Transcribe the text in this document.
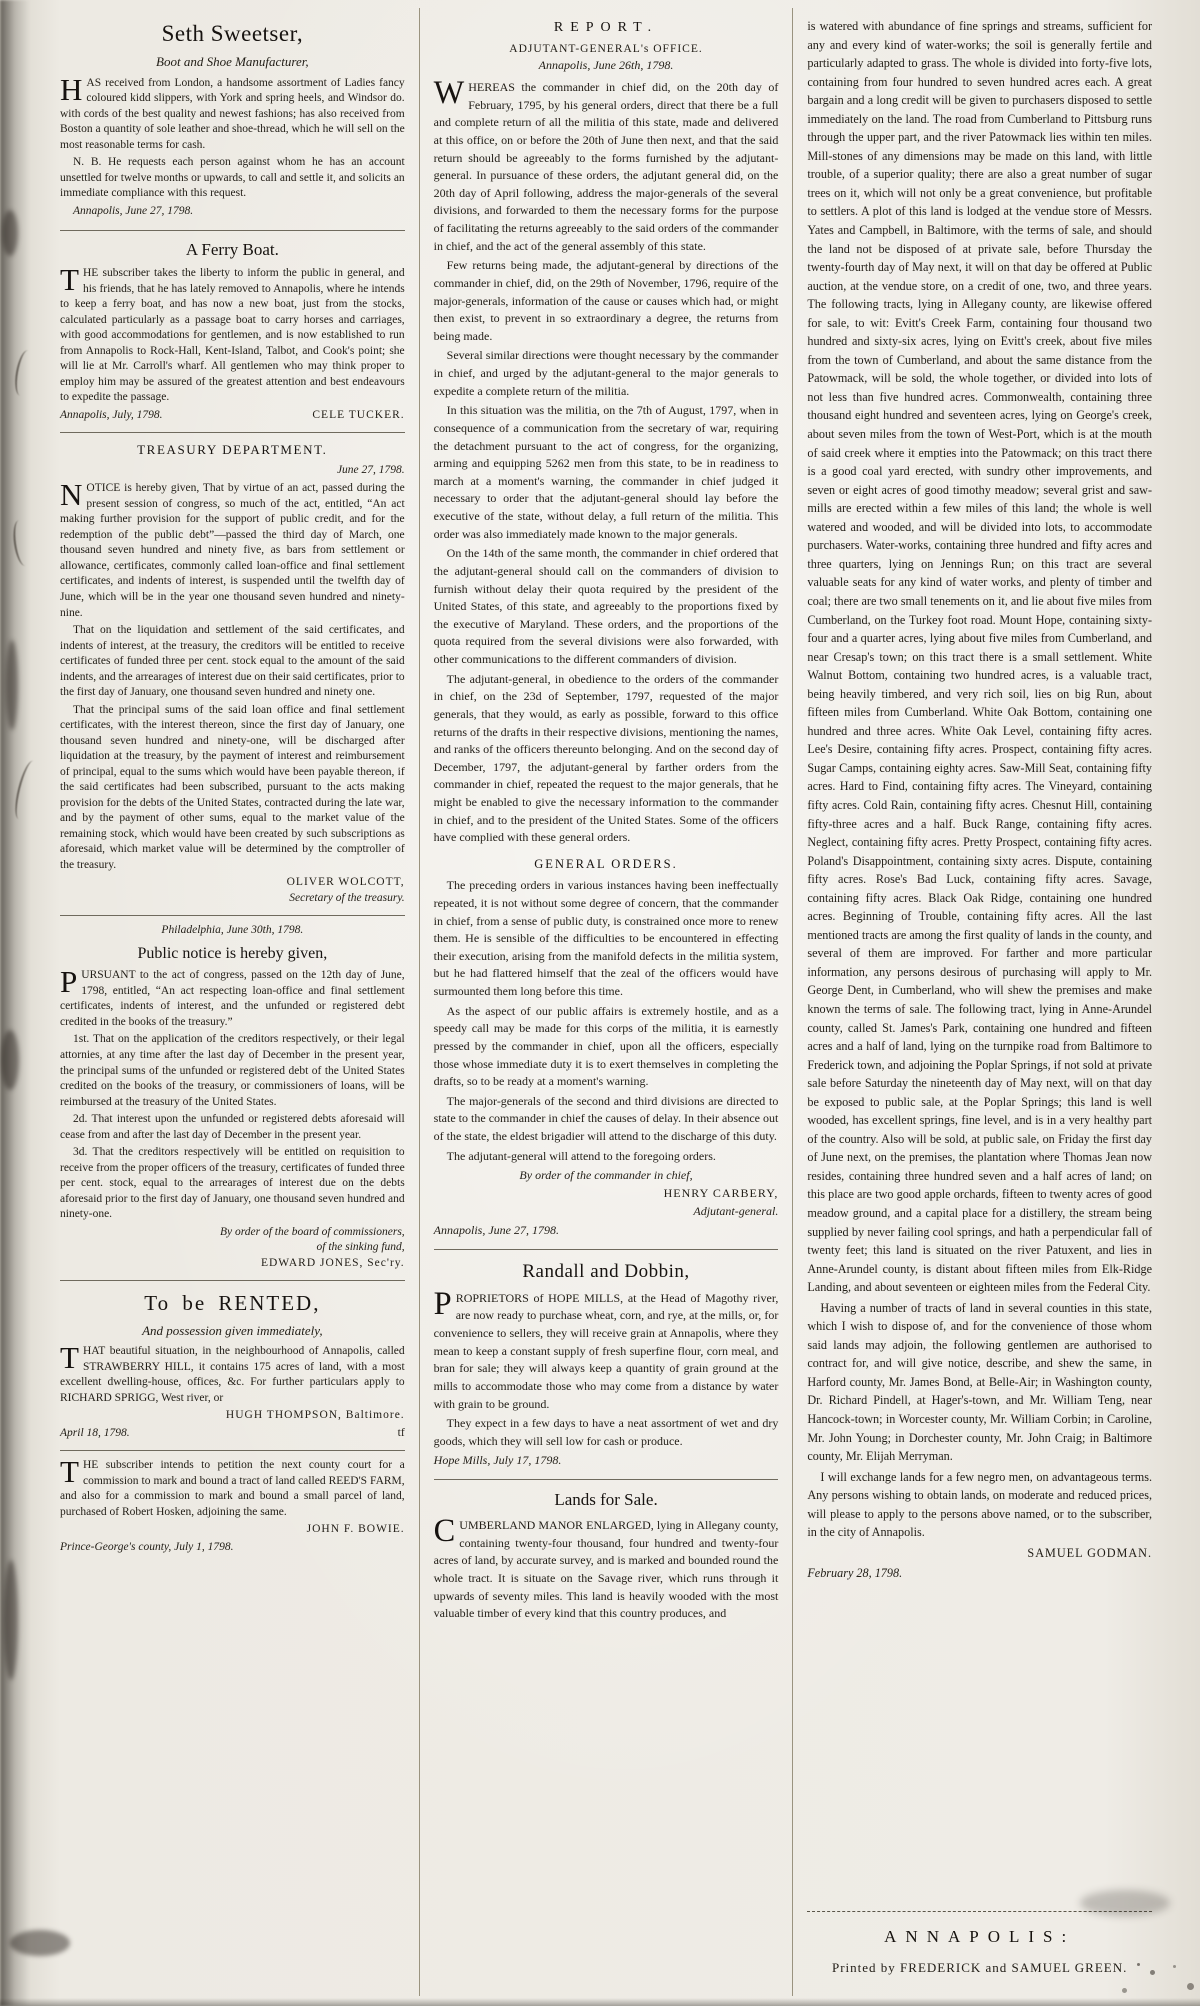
Seth Sweetser,
Boot and Shoe Manufacturer,

HAS received from London, a handsome assortment of Ladies fancy coloured kidd slippers, with York and spring heels, and Windsor do. with cords of the best quality and newest fashions; has also received from Boston a quantity of sole leather and shoe-thread, which he will sell on the most reasonable terms for cash.

N. B. He requests each person against whom he has an account unsettled for twelve months or upwards, to call and settle it, and solicits an immediate compliance with this request.

Annapolis, June 27, 1798.

A Ferry Boat.

THE subscriber takes the liberty to inform the public in general, and his friends, that he has lately removed to Annapolis, where he intends to keep a ferry boat, and has now a new boat, just from the stocks, calculated particularly as a passage boat to carry horses and carriages, with good accommodations for gentlemen, and is now established to run from Annapolis to Rock-Hall, Kent-Island, Talbot, and Cook's point; she will lie at Mr. Carroll's wharf. All gentlemen who may think proper to employ him may be assured of the greatest attention and best endeavours to expedite the passage.

Annapolis, July, 1798.	CELE TUCKER.
TREASURY DEPARTMENT.
June 27, 1798.

NOTICE is hereby given, That by virtue of an act, passed during the present session of congress, so much of the act, entitled, “An act making further provision for the support of public credit, and for the redemption of the public debt”—passed the third day of March, one thousand seven hundred and ninety five, as bars from settlement or allowance, certificates, commonly called loan-office and final settlement certificates, and indents of interest, is suspended until the twelfth day of June, which will be in the year one thousand seven hundred and ninety-nine.

That on the liquidation and settlement of the said certificates, and indents of interest, at the treasury, the creditors will be entitled to receive certificates of funded three per cent. stock equal to the amount of the said indents, and the arrearages of interest due on their said certificates, prior to the first day of January, one thousand seven hundred and ninety one.

That the principal sums of the said loan office and final settlement certificates, with the interest thereon, since the first day of January, one thousand seven hundred and ninety-one, will be discharged after liquidation at the treasury, by the payment of interest and reimbursement of principal, equal to the sums which would have been payable thereon, if the said certificates had been subscribed, pursuant to the acts making provision for the debts of the United States, contracted during the late war, and by the payment of other sums, equal to the market value of the remaining stock, which would have been created by such subscriptions as aforesaid, which market value will be determined by the comptroller of the treasury.

OLIVER WOLCOTT,
Secretary of the treasury.
Philadelphia, June 30th, 1798.
Public notice is hereby given,

PURSUANT to the act of congress, passed on the 12th day of June, 1798, entitled, “An act respecting loan-office and final settlement certificates, indents of interest, and the unfunded or registered debt credited in the books of the treasury.”

1st. That on the application of the creditors respectively, or their legal attornies, at any time after the last day of December in the present year, the principal sums of the unfunded or registered debt of the United States credited on the books of the treasury, or commissioners of loans, will be reimbursed at the treasury of the United States.

2d. That interest upon the unfunded or registered debts aforesaid will cease from and after the last day of December in the present year.

3d. That the creditors respectively will be entitled on requisition to receive from the proper officers of the treasury, certificates of funded three per cent. stock, equal to the arrearages of interest due on the debts aforesaid prior to the first day of January, one thousand seven hundred and ninety-one.

By order of the board of commissioners,
of the sinking fund,
EDWARD JONES, Sec'ry.
To be RENTED,
And possession given immediately,

THAT beautiful situation, in the neighbourhood of Annapolis, called STRAWBERRY HILL, it contains 175 acres of land, with a most excellent dwelling-house, offices, &c. For further particulars apply to RICHARD SPRIGG, West river, or

HUGH THOMPSON, Baltimore.
April 18, 1798.	tf

THE subscriber intends to petition the next county court for a commission to mark and bound a tract of land called REED'S FARM, and also for a commission to mark and bound a small parcel of land, purchased of Robert Hosken, adjoining the same.

JOHN F. BOWIE.
Prince-George's county, July 1, 1798.
REPORT.
ADJUTANT-GENERAL's OFFICE.
Annapolis, June 26th, 1798.

WHEREAS the commander in chief did, on the 20th day of February, 1795, by his general orders, direct that there be a full and complete return of all the militia of this state, made and delivered at this office, on or before the 20th of June then next, and that the said return should be agreeably to the forms furnished by the adjutant-general. In pursuance of these orders, the adjutant general did, on the 20th day of April following, address the major-generals of the several divisions, and forwarded to them the necessary forms for the purpose of facilitating the returns agreeably to the said orders of the commander in chief, and the act of the general assembly of this state.

Few returns being made, the adjutant-general by directions of the commander in chief, did, on the 29th of November, 1796, require of the major-generals, information of the cause or causes which had, or might then exist, to prevent in so extraordinary a degree, the returns from being made.

Several similar directions were thought necessary by the commander in chief, and urged by the adjutant-general to the major generals to expedite a complete return of the militia.

In this situation was the militia, on the 7th of August, 1797, when in consequence of a communication from the secretary of war, requiring the detachment pursuant to the act of congress, for the organizing, arming and equipping 5262 men from this state, to be in readiness to march at a moment's warning, the commander in chief judged it necessary to order that the adjutant-general should lay before the executive of the state, without delay, a full return of the militia. This order was also immediately made known to the major generals.

On the 14th of the same month, the commander in chief ordered that the adjutant-general should call on the commanders of division to furnish without delay their quota required by the president of the United States, of this state, and agreeably to the proportions fixed by the executive of Maryland. These orders, and the proportions of the quota required from the several divisions were also forwarded, with other communications to the different commanders of division.

The adjutant-general, in obedience to the orders of the commander in chief, on the 23d of September, 1797, requested of the major generals, that they would, as early as possible, forward to this office returns of the drafts in their respective divisions, mentioning the names, and ranks of the officers thereunto belonging. And on the second day of December, 1797, the adjutant-general by farther orders from the commander in chief, repeated the request to the major generals, that he might be enabled to give the necessary information to the commander in chief, and to the president of the United States. Some of the officers have complied with these general orders.

GENERAL ORDERS.

The preceding orders in various instances having been ineffectually repeated, it is not without some degree of concern, that the commander in chief, from a sense of public duty, is constrained once more to renew them. He is sensible of the difficulties to be encountered in effecting their execution, arising from the manifold defects in the militia system, but he had flattered himself that the zeal of the officers would have surmounted them long before this time.

As the aspect of our public affairs is extremely hostile, and as a speedy call may be made for this corps of the militia, it is earnestly pressed by the commander in chief, upon all the officers, especially those whose immediate duty it is to exert themselves in completing the drafts, so to be ready at a moment's warning.

The major-generals of the second and third divisions are directed to state to the commander in chief the causes of delay. In their absence out of the state, the eldest brigadier will attend to the discharge of this duty.

The adjutant-general will attend to the foregoing orders.

By order of the commander in chief,
HENRY CARBERY,
Adjutant-general.
Annapolis, June 27, 1798.
Randall and Dobbin,

PROPRIETORS of HOPE MILLS, at the Head of Magothy river, are now ready to purchase wheat, corn, and rye, at the mills, or, for convenience to sellers, they will receive grain at Annapolis, where they mean to keep a constant supply of fresh superfine flour, corn meal, and bran for sale; they will always keep a quantity of grain ground at the mills to accommodate those who may come from a distance by water with grain to be ground.

They expect in a few days to have a neat assortment of wet and dry goods, which they will sell low for cash or produce.

Hope Mills, July 17, 1798.
Lands for Sale.

CUMBERLAND MANOR ENLARGED, lying in Allegany county, containing twenty-four thousand, four hundred and twenty-four acres of land, by accurate survey, and is marked and bounded round the whole tract. It is situate on the Savage river, which runs through it upwards of seventy miles. This land is heavily wooded with the most valuable timber of every kind that this country produces, and

is watered with abundance of fine springs and streams, sufficient for any and every kind of water-works; the soil is generally fertile and particularly adapted to grass. The whole is divided into forty-five lots, containing from four hundred to seven hundred acres each. A great bargain and a long credit will be given to purchasers disposed to settle immediately on the land. The road from Cumberland to Pittsburg runs through the upper part, and the river Patowmack lies within ten miles. Mill-stones of any dimensions may be made on this land, with little trouble, of a superior quality; there are also a great number of sugar trees on it, which will not only be a great convenience, but profitable to settlers. A plot of this land is lodged at the vendue store of Messrs. Yates and Campbell, in Baltimore, with the terms of sale, and should the land not be disposed of at private sale, before Thursday the twenty-fourth day of May next, it will on that day be offered at Public auction, at the vendue store, on a credit of one, two, and three years. The following tracts, lying in Allegany county, are likewise offered for sale, to wit: Evitt's Creek Farm, containing four thousand two hundred and sixty-six acres, lying on Evitt's creek, about five miles from the town of Cumberland, and about the same distance from the Patowmack, will be sold, the whole together, or divided into lots of not less than five hundred acres. Commonwealth, containing three thousand eight hundred and seventeen acres, lying on George's creek, about seven miles from the town of West-Port, which is at the mouth of said creek where it empties into the Patowmack; on this tract there is a good coal yard erected, with sundry other improvements, and seven or eight acres of good timothy meadow; several grist and saw-mills are erected within a few miles of this land; the whole is well watered and wooded, and will be divided into lots, to accommodate purchasers. Water-works, containing three hundred and fifty acres and three quarters, lying on Jennings Run; on this tract are several valuable seats for any kind of water works, and plenty of timber and coal; there are two small tenements on it, and lie about five miles from Cumberland, on the Turkey foot road. Mount Hope, containing sixty-four and a quarter acres, lying about five miles from Cumberland, and near Cresap's town; on this tract there is a small settlement. White Walnut Bottom, containing two hundred acres, is a valuable tract, being heavily timbered, and very rich soil, lies on big Run, about fifteen miles from Cumberland. White Oak Bottom, containing one hundred and three acres. White Oak Level, containing fifty acres. Lee's Desire, containing fifty acres. Prospect, containing fifty acres. Sugar Camps, containing eighty acres. Saw-Mill Seat, containing fifty acres. Hard to Find, containing fifty acres. The Vineyard, containing fifty acres. Cold Rain, containing fifty acres. Chesnut Hill, containing fifty-three acres and a half. Buck Range, containing fifty acres. Neglect, containing fifty acres. Pretty Prospect, containing fifty acres. Poland's Disappointment, containing sixty acres. Dispute, containing fifty acres. Rose's Bad Luck, containing fifty acres. Savage, containing fifty acres. Black Oak Ridge, containing one hundred acres. Beginning of Trouble, containing fifty acres. All the last mentioned tracts are among the first quality of lands in the county, and several of them are improved. For farther and more particular information, any persons desirous of purchasing will apply to Mr. George Dent, in Cumberland, who will shew the premises and make known the terms of sale. The following tract, lying in Anne-Arundel county, called St. James's Park, containing one hundred and fifteen acres and a half of land, lying on the turnpike road from Baltimore to Frederick town, and adjoining the Poplar Springs, if not sold at private sale before Saturday the nineteenth day of May next, will on that day be exposed to public sale, at the Poplar Springs; this land is well wooded, has excellent springs, fine level, and is in a very healthy part of the country. Also will be sold, at public sale, on Friday the first day of June next, on the premises, the plantation where Thomas Jean now resides, containing three hundred seven and a half acres of land; on this place are two good apple orchards, fifteen to twenty acres of good meadow ground, and a capital place for a distillery, the stream being supplied by never failing cool springs, and hath a perpendicular fall of twenty feet; this land is situated on the river Patuxent, and lies in Anne-Arundel county, is distant about fifteen miles from Elk-Ridge Landing, and about seventeen or eighteen miles from the Federal City.

Having a number of tracts of land in several counties in this state, which I wish to dispose of, and for the convenience of those whom said lands may adjoin, the following gentlemen are authorised to contract for, and will give notice, describe, and shew the same, in Harford county, Mr. James Bond, at Belle-Air; in Washington county, Dr. Richard Pindell, at Hager's-town, and Mr. William Teng, near Hancock-town; in Worcester county, Mr. William Corbin; in Caroline, Mr. John Young; in Dorchester county, Mr. John Craig; in Baltimore county, Mr. Elijah Merryman.

I will exchange lands for a few negro men, on advantageous terms. Any persons wishing to obtain lands, on moderate and reduced prices, will please to apply to the persons above named, or to the subscriber, in the city of Annapolis.

SAMUEL GODMAN.
February 28, 1798.
ANNAPOLIS:
Printed by FREDERICK and SAMUEL GREEN.
